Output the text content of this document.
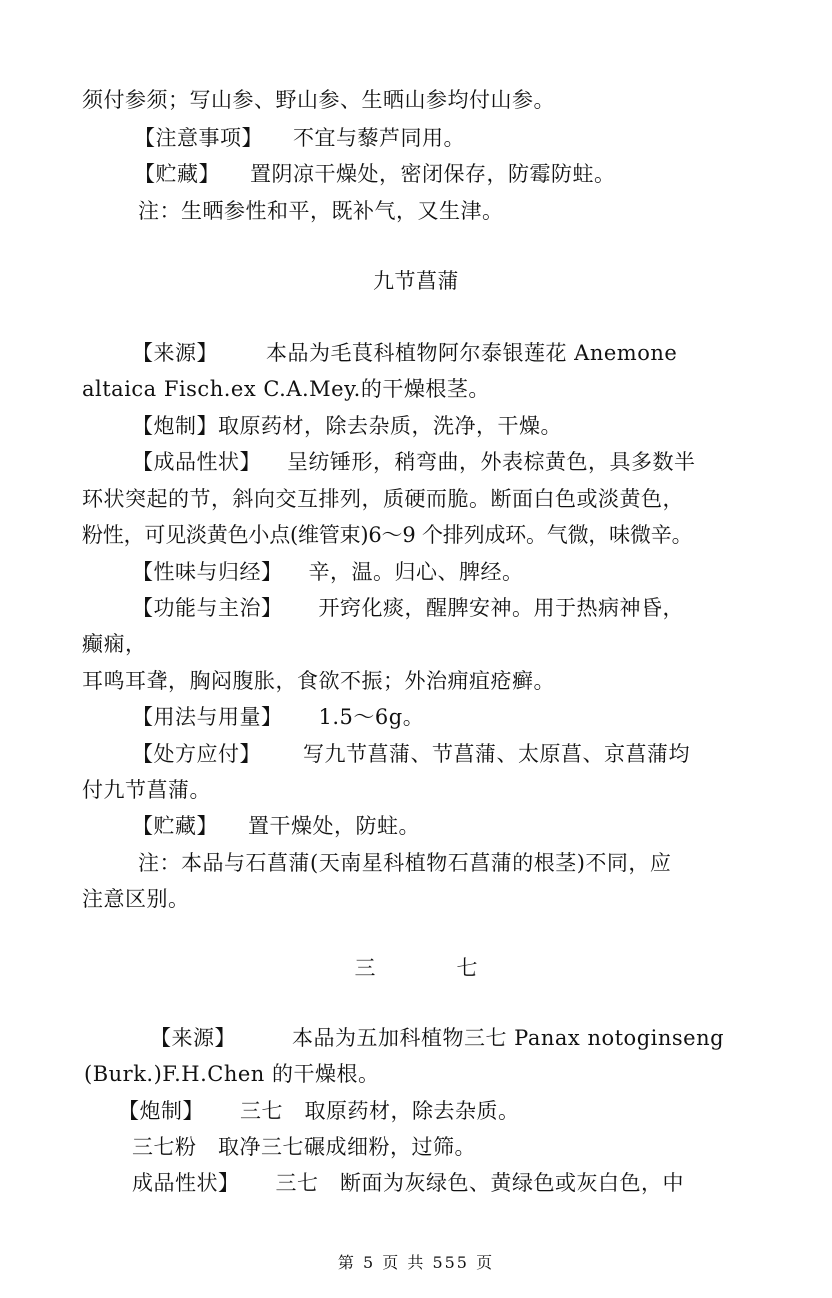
须付参须；写山参、野山参、生晒山参均付山参。
【注意事项】 不宜与藜芦同用。
【贮藏】 置阴凉干燥处，密闭保存，防霉防蛀。
注：生晒参性和平，既补气，又生津。
九节菖蒲
【来源】 本品为毛茛科植物阿尔泰银莲花 Anemone
altaica Fisch.ex C.A.Mey.的干燥根茎。
【炮制】取原药材，除去杂质，洗净，干燥。
【成品性状】 呈纺锤形，稍弯曲，外表棕黄色，具多数半
环状突起的节，斜向交互排列，质硬而脆。断面白色或淡黄色，
粉性，可见淡黄色小点(维管束)6～9 个排列成环。气微，味微辛。
【性味与归经】 辛，温。归心、脾经。
【功能与主治】 开窍化痰，醒脾安神。用于热病神昏，
癫痫，
耳鸣耳聋，胸闷腹胀，食欲不振；外治痈疽疮癣。
【用法与用量】 1.5～6g。
【处方应付】 写九节菖蒲、节菖蒲、太原菖、京菖蒲均
付九节菖蒲。
【贮藏】 置干燥处，防蛀。
注：本品与石菖蒲(天南星科植物石菖蒲的根茎)不同，应
注意区别。
三　七
【来源】	本品为五加科植物三七 Panax notoginseng
(Burk.)F.H.Chen 的干燥根。
【炮制】 三七　取原药材，除去杂质。
三七粉　取净三七碾成细粉，过筛。
成品性状】 三七　断面为灰绿色、黄绿色或灰白色，中
第 5 页 共 555 页
